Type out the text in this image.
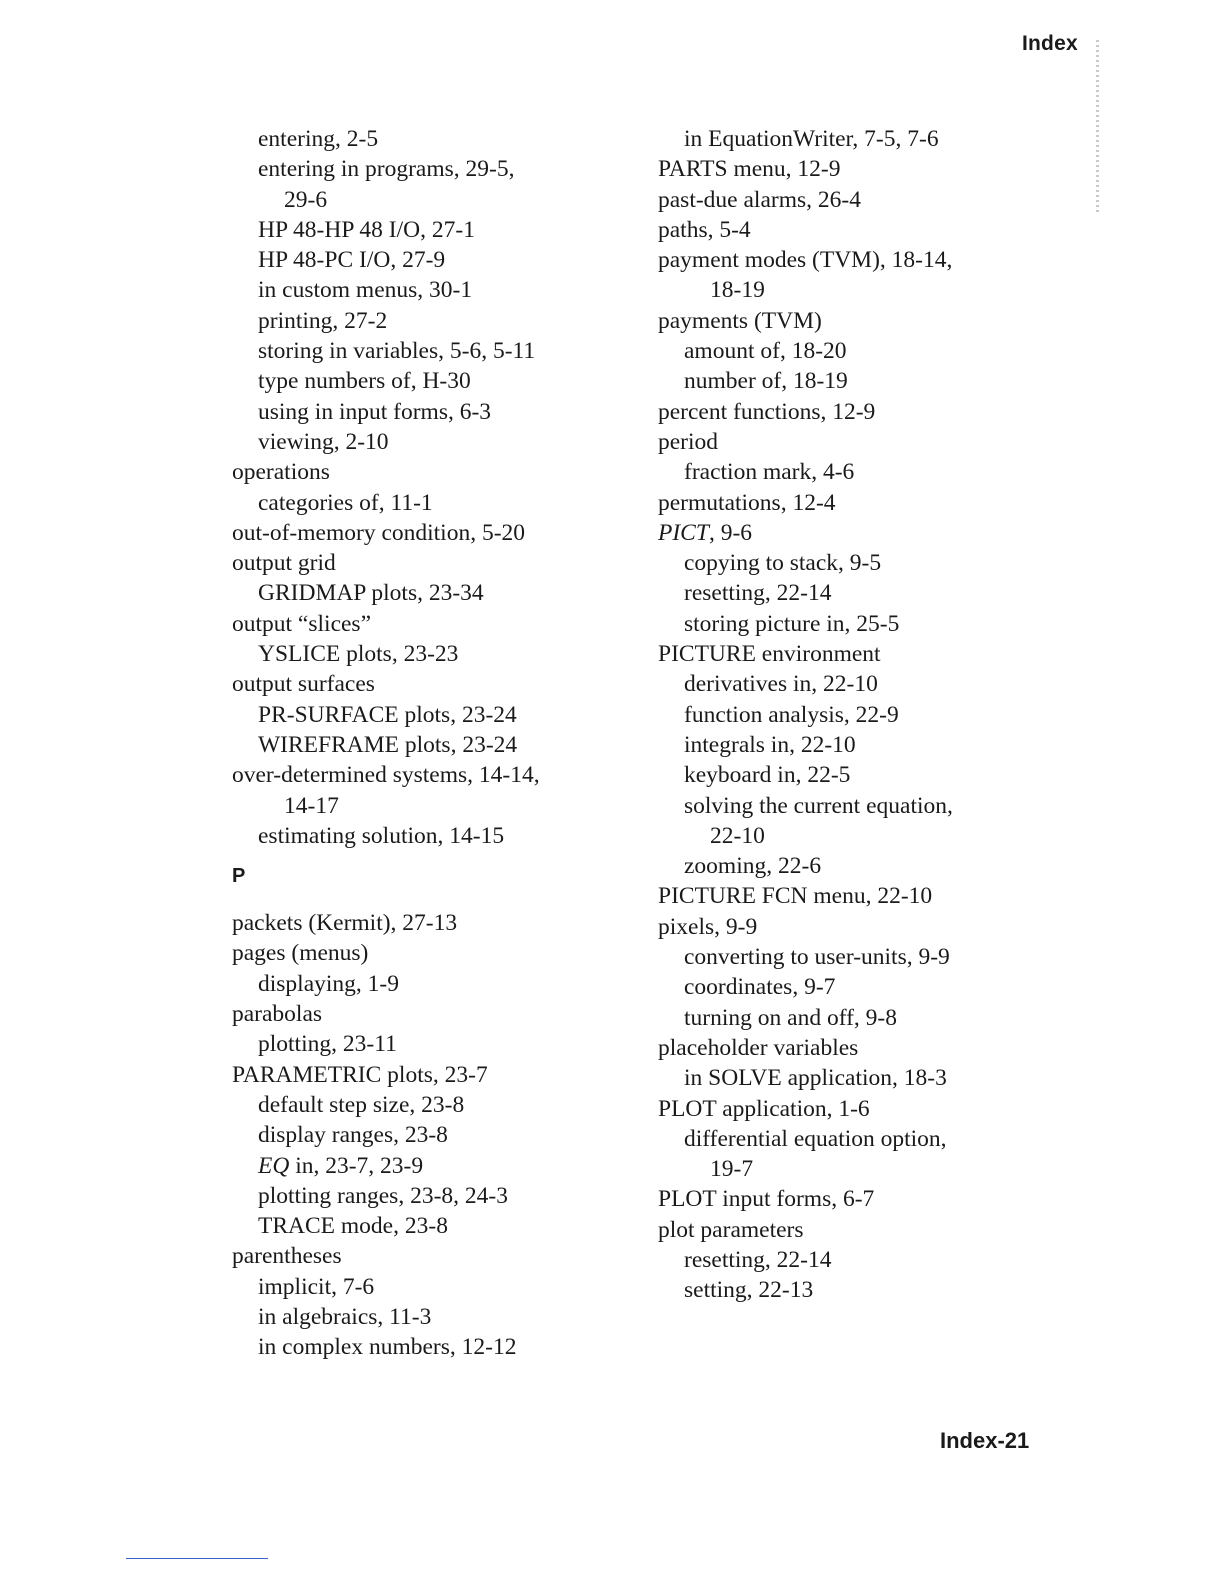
Index
entering, 2-5
entering in programs, 29-5,
29-6
HP 48-HP 48 I/O, 27-1
HP 48-PC I/O, 27-9
in custom menus, 30-1
printing, 27-2
storing in variables, 5-6, 5-11
type numbers of, H-30
using in input forms, 6-3
viewing, 2-10
operations
categories of, 11-1
out-of-memory condition, 5-20
output grid
GRIDMAP plots, 23-34
output “slices”
YSLICE plots, 23-23
output surfaces
PR-SURFACE plots, 23-24
WIREFRAME plots, 23-24
over-determined systems, 14-14,
14-17
estimating solution, 14-15
P
packets (Kermit), 27-13
pages (menus)
displaying, 1-9
parabolas
plotting, 23-11
PARAMETRIC plots, 23-7
default step size, 23-8
display ranges, 23-8
EQ in, 23-7, 23-9
plotting ranges, 23-8, 24-3
TRACE mode, 23-8
parentheses
implicit, 7-6
in algebraics, 11-3
in complex numbers, 12-12
in EquationWriter, 7-5, 7-6
PARTS menu, 12-9
past-due alarms, 26-4
paths, 5-4
payment modes (TVM), 18-14,
18-19
payments (TVM)
amount of, 18-20
number of, 18-19
percent functions, 12-9
period
fraction mark, 4-6
permutations, 12-4
PICT, 9-6
copying to stack, 9-5
resetting, 22-14
storing picture in, 25-5
PICTURE environment
derivatives in, 22-10
function analysis, 22-9
integrals in, 22-10
keyboard in, 22-5
solving the current equation,
22-10
zooming, 22-6
PICTURE FCN menu, 22-10
pixels, 9-9
converting to user-units, 9-9
coordinates, 9-7
turning on and off, 9-8
placeholder variables
in SOLVE application, 18-3
PLOT application, 1-6
differential equation option,
19-7
PLOT input forms, 6-7
plot parameters
resetting, 22-14
setting, 22-13
Index-21
